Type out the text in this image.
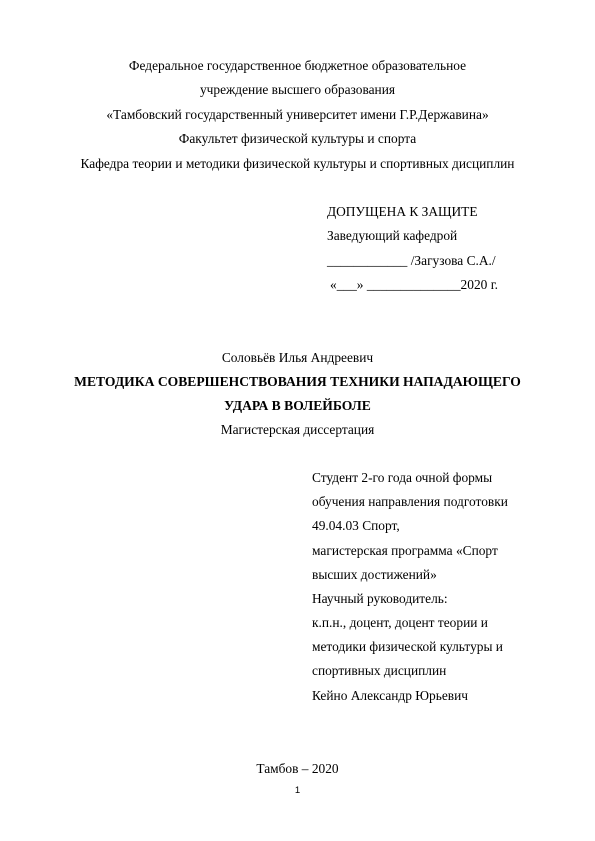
Федеральное государственное бюджетное образовательное
учреждение высшего образования
«Тамбовский государственный университет имени Г.Р.Державина»
Факультет физической культуры и спорта
Кафедра теории и методики физической культуры и спортивных дисциплин
ДОПУЩЕНА К ЗАЩИТЕ
Заведующий кафедрой
____________ /Загузова С.А./
«___» ______________2020 г.
Соловьёв Илья Андреевич
МЕТОДИКА СОВЕРШЕНСТВОВАНИЯ ТЕХНИКИ НАПАДАЮЩЕГО
УДАРА В ВОЛЕЙБОЛЕ
Магистерская диссертация
Студент 2-го года очной формы
обучения направления подготовки
49.04.03 Спорт,
магистерская программа «Спорт
высших достижений»
Научный руководитель:
к.п.н., доцент, доцент теории и
методики физической культуры и
спортивных дисциплин
Кейно Александр Юрьевич
Тамбов – 2020
1
